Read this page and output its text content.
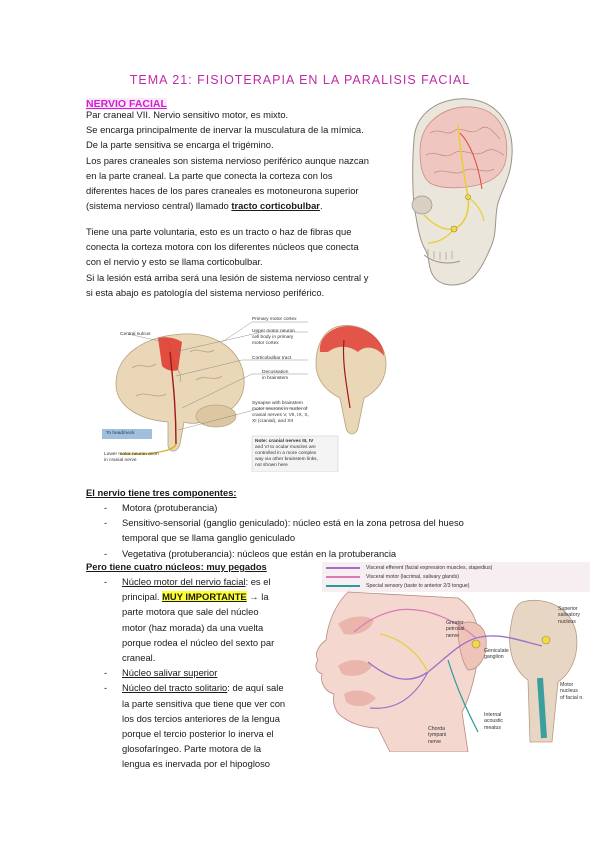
TEMA 21: FISIOTERAPIA EN LA PARALISIS FACIAL
NERVIO FACIAL
Par craneal VII. Nervio sensitivo motor, es mixto.
Se encarga principalmente de inervar la musculatura de la mímica.
De la parte sensitiva se encarga el trigémino.
Los pares craneales son sistema nervioso periférico aunque nazcan
en la parte craneal. La parte que conecta la corteza con los
diferentes haces de los pares craneales es motoneurona superior
(sistema nervioso central) llamado tracto corticobulbar.
Tiene una parte voluntaria, esto es un tracto o haz de fibras que
conecta la corteza motora con los diferentes núcleos que conecta
con el nervio y esto se llama corticobulbar.
Si la lesión está arriba será una lesión de sistema nervioso central y
si esta abajo es patología del sistema nervioso periférico.
Central sulcus
Primary motor cortex
Upper motor neuron
cell body in primary
motor cortex
Corticobulbar tract
Decussation
in brainstem
Synapse with brainstem
motor neurons in nuclei of
cranial nerves V, VII, IX, X,
XI (cranial), and XII
To head/neck
Lower motor neuron axon
in cranial nerve
Note: cranial nerves III, IV
and VI to ocular muscles are
controlled in a more complex
way via other brainstem links,
not shown here
El nervio tiene tres componentes:
- Motora (protuberancia)
- Sensitivo-sensorial (ganglio geniculado): núcleo está en la zona petrosa del hueso
temporal que se llama ganglio geniculado
- Vegetativa (protuberancia): núcleos que están en la protuberancia
Pero tiene cuatro núcleos: muy pegados
- Núcleo motor del nervio facial: es el
principal. MUY IMPORTANTE → la
parte motora que sale del núcleo
motor (haz morada) da una vuelta
porque rodea el núcleo del sexto par
craneal.
- Núcleo salivar superior
- Núcleo del tracto solitario: de aquí sale
la parte sensitiva que tiene que ver con
los dos tercios anteriores de la lengua
porque el tercio posterior lo inerva el
glosofaríngeo. Parte motora de la
lengua es inervada por el hipogloso
Visceral efferent (facial expression muscles, stapedius)
Visceral motor (lacrimal, salivary glands)
Special sensory (taste to anterior 2/3 tongue)
Superior
salivatory
nucleus
Greater
petrosal
nerve
Geniculate
ganglion
Motor
nucleus
of facial n.
Internal
acoustic
meatus
Chorda
tympani
nerve
